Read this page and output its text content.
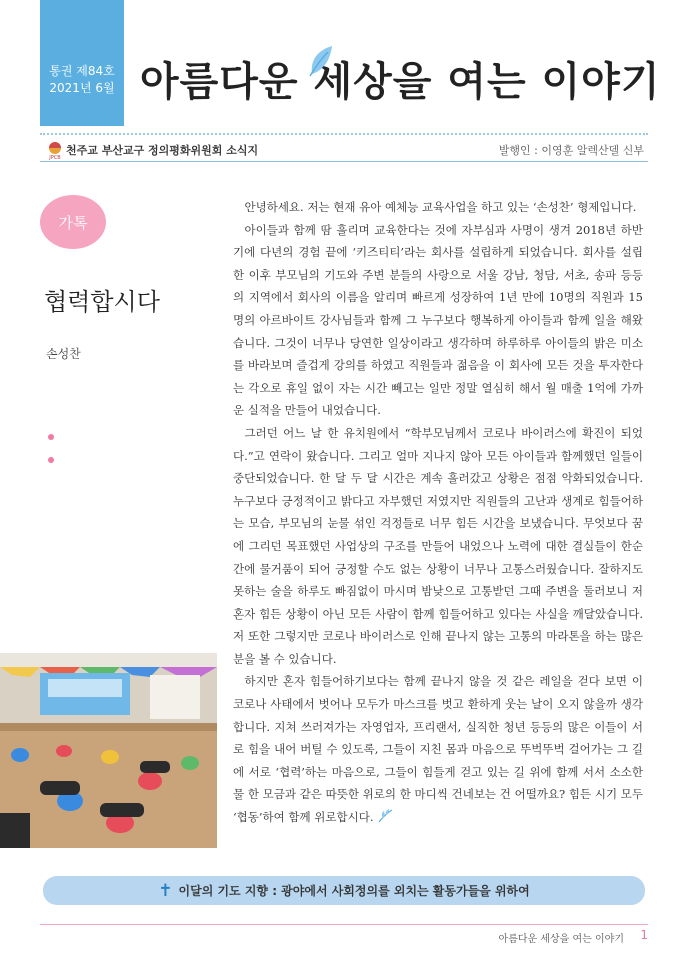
통권 제84호
2021년 6월 아름다운 세상을 여는 이야기
JPCB
천주교 부산교구 정의평화위원회 소식지	발행인 : 이영훈 알렉산델 신부
가톡
협력합시다
손성찬

안녕하세요. 저는 현재 유아 예체능 교육사업을 하고 있는 ‘손성찬’ 형제입니다.

아이들과 함께 땀 흘리며 교육한다는 것에 자부심과 사명이 생겨 2018년 하반기에 다년의 경험 끝에 ‘키즈티티’라는 회사를 설립하게 되었습니다. 회사를 설립한 이후 부모님의 기도와 주변 분들의 사랑으로 서울 강남, 청담, 서초, 송파 등등의 지역에서 회사의 이름을 알리며 빠르게 성장하여 1년 만에 10명의 직원과 15명의 아르바이트 강사님들과 함께 그 누구보다 행복하게 아이들과 함께 일을 해왔습니다. 그것이 너무나 당연한 일상이라고 생각하며 하루하루 아이들의 밝은 미소를 바라보며 즐겁게 강의를 하였고 직원들과 젊음을 이 회사에 모든 것을 투자한다는 각오로 휴일 없이 자는 시간 빼고는 일만 정말 열심히 해서 월 매출 1억에 가까운 실적을 만들어 내었습니다.

그러던 어느 날 한 유치원에서 “학부모님께서 코로나 바이러스에 확진이 되었다.”고 연락이 왔습니다. 그리고 얼마 지나지 않아 모든 아이들과 함께했던 일들이 중단되었습니다. 한 달 두 달 시간은 계속 흘러갔고 상황은 점점 악화되었습니다. 누구보다 긍정적이고 밝다고 자부했던 저였지만 직원들의 고난과 생계로 힘들어하는 모습, 부모님의 눈물 섞인 걱정들로 너무 힘든 시간을 보냈습니다. 무엇보다 꿈에 그리던 목표했던 사업상의 구조를 만들어 내었으나 노력에 대한 결실들이 한순간에 물거품이 되어 긍정할 수도 없는 상황이 너무나 고통스러웠습니다. 잘하지도 못하는 술을 하루도 빠짐없이 마시며 밤낮으로 고통받던 그때 주변을 둘러보니 저 혼자 힘든 상황이 아닌 모든 사람이 함께 힘들어하고 있다는 사실을 깨달았습니다. 저 또한 그렇지만 코로나 바이러스로 인해 끝나지 않는 고통의 마라톤을 하는 많은 분을 볼 수 있습니다.

하지만 혼자 힘들어하기보다는 함께 끝나지 않을 것 같은 레일을 걷다 보면 이 코로나 사태에서 벗어나 모두가 마스크를 벗고 환하게 웃는 날이 오지 않을까 생각합니다. 지쳐 쓰러져가는 자영업자, 프리랜서, 실직한 청년 등등의 많은 이들이 서로 힘을 내어 버틸 수 있도록, 그들이 지친 몸과 마음으로 뚜벅뚜벅 걸어가는 그 길에 서로 ‘협력’하는 마음으로, 그들이 힘들게 걷고 있는 길 위에 함께 서서 소소한 물 한 모금과 같은 따뜻한 위로의 한 마디씩 건네보는 건 어떨까요? 힘든 시기 모두 ‘협동’하여 함께 위로합시다.

✝ 이달의 기도 지향 : 광야에서 사회정의를 외치는 활동가들을 위하여
아름다운 세상을 여는 이야기 1
